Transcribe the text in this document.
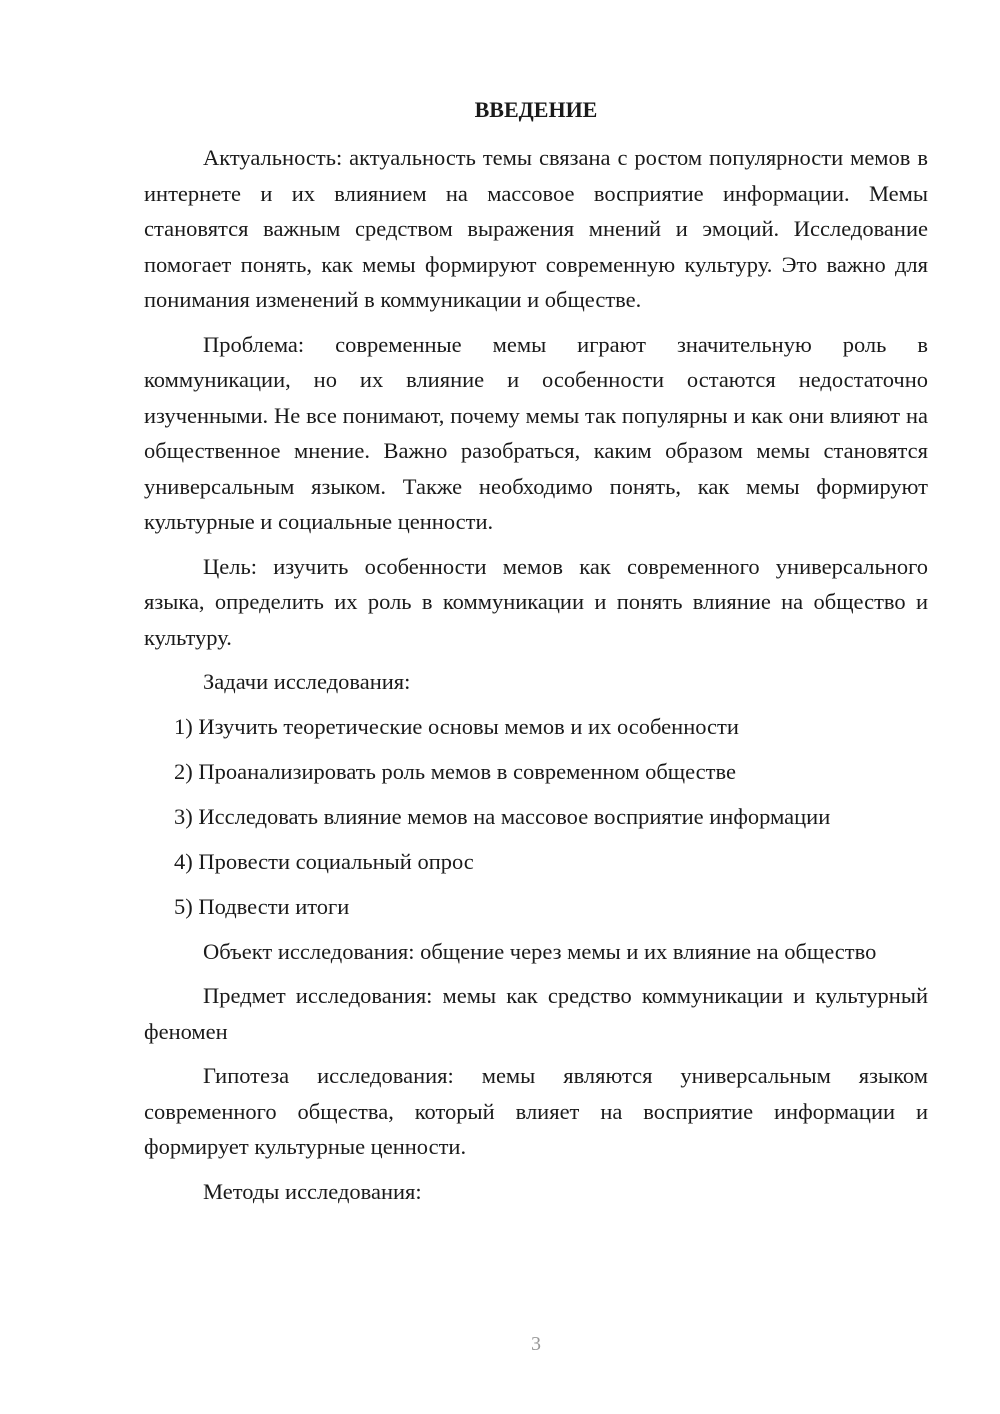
ВВЕДЕНИЕ

Актуальность: актуальность темы связана с ростом популярности мемов в интернете и их влиянием на массовое восприятие информации. Мемы становятся важным средством выражения мнений и эмоций. Исследование помогает понять, как мемы формируют современную культуру. Это важно для понимания изменений в коммуникации и обществе.

Проблема: современные мемы играют значительную роль в коммуникации, но их влияние и особенности остаются недостаточно изученными. Не все понимают, почему мемы так популярны и как они влияют на общественное мнение. Важно разобраться, каким образом мемы становятся универсальным языком. Также необходимо понять, как мемы формируют культурные и социальные ценности.

Цель: изучить особенности мемов как современного универсального языка, определить их роль в коммуникации и понять влияние на общество и культуру.

Задачи исследования:

1) Изучить теоретические основы мемов и их особенности

2) Проанализировать роль мемов в современном обществе

3) Исследовать влияние мемов на массовое восприятие информации

4) Провести социальный опрос

5) Подвести итоги

Объект исследования: общение через мемы и их влияние на общество

Предмет исследования: мемы как средство коммуникации и культурный феномен

Гипотеза исследования: мемы являются универсальным языком современного общества, который влияет на восприятие информации и формирует культурные ценности.

Методы исследования:

3
